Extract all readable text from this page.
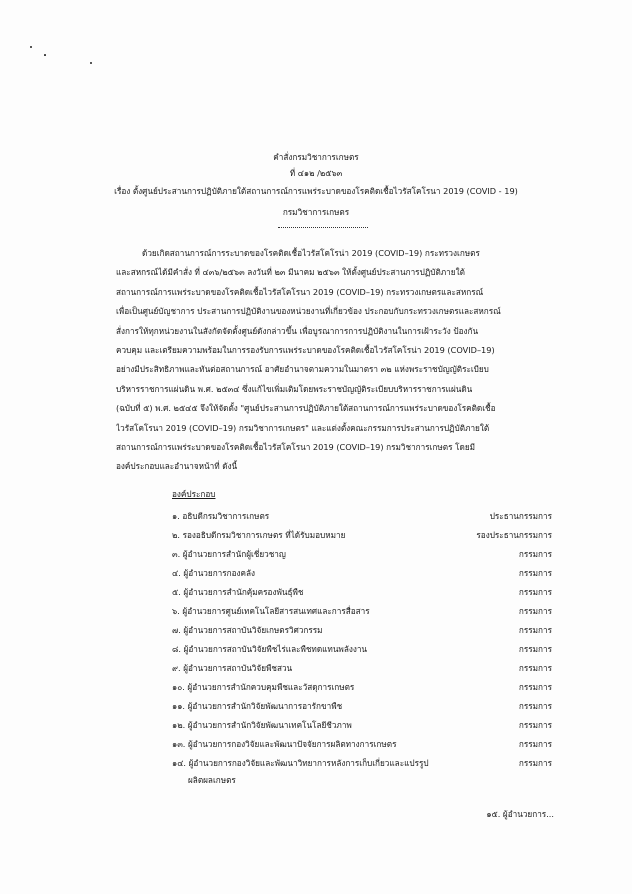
คำสั่งกรมวิชาการเกษตร
ที่ ๔๑๒ /๒๕๖๓
เรื่อง ตั้งศูนย์ประสานการปฏิบัติภายใต้สถานการณ์การแพร่ระบาดของโรคติดเชื้อไวรัสโคโรนา 2019 (COVID - 19)
กรมวิชาการเกษตร
ด้วยเกิดสถานการณ์การระบาดของโรคติดเชื้อไวรัสโคโรน่า 2019 (COVID–19) กระทรวงเกษตร
และสหกรณ์ได้มีคำสั่ง ที่ ๔๓๖/๒๕๖๓ ลงวันที่ ๒๓ มีนาคม ๒๕๖๓ ให้ตั้งศูนย์ประสานการปฏิบัติภายใต้
สถานการณ์การแพร่ระบาดของโรคติดเชื้อไวรัสโคโรนา 2019 (COVID–19) กระทรวงเกษตรและสหกรณ์
เพื่อเป็นศูนย์บัญชาการ ประสานการปฏิบัติงานของหน่วยงานที่เกี่ยวข้อง ประกอบกับกระทรวงเกษตรและสหกรณ์
สั่งการให้ทุกหน่วยงานในสังกัดจัดตั้งศูนย์ดังกล่าวขึ้น เพื่อบูรณาการการปฏิบัติงานในการเฝ้าระวัง ป้องกัน
ควบคุม และเตรียมความพร้อมในการรองรับการแพร่ระบาดของโรคติดเชื้อไวรัสโคโรน่า 2019 (COVID–19)
อย่างมีประสิทธิภาพและทันต่อสถานการณ์ อาศัยอำนาจตามความในมาตรา ๓๒ แห่งพระราชบัญญัติระเบียบ
บริหารราชการแผ่นดิน พ.ศ. ๒๕๓๔ ซึ่งแก้ไขเพิ่มเติมโดยพระราชบัญญัติระเบียบบริหารราชการแผ่นดิน
(ฉบับที่ ๕) พ.ศ. ๒๕๔๕ จึงให้จัดตั้ง "ศูนย์ประสานการปฏิบัติภายใต้สถานการณ์การแพร่ระบาดของโรคติดเชื้อ
ไวรัสโคโรนา 2019 (COVID–19) กรมวิชาการเกษตร" และแต่งตั้งคณะกรรมการประสานการปฏิบัติภายใต้
สถานการณ์การแพร่ระบาดของโรคติดเชื้อไวรัสโคโรนา 2019 (COVID–19) กรมวิชาการเกษตร โดยมี
องค์ประกอบและอำนาจหน้าที่ ดังนี้
องค์ประกอบ
๑. อธิบดีกรมวิชาการเกษตร	ประธานกรรมการ
๒. รองอธิบดีกรมวิชาการเกษตร ที่ได้รับมอบหมาย	รองประธานกรรมการ
๓. ผู้อำนวยการสำนักผู้เชี่ยวชาญ	กรรมการ
๔. ผู้อำนวยการกองคลัง	กรรมการ
๕. ผู้อำนวยการสำนักคุ้มครองพันธุ์พืช	กรรมการ
๖. ผู้อำนวยการศูนย์เทคโนโลยีสารสนเทศและการสื่อสาร	กรรมการ
๗. ผู้อำนวยการสถาบันวิจัยเกษตรวิศวกรรม	กรรมการ
๘. ผู้อำนวยการสถาบันวิจัยพืชไร่และพืชทดแทนพลังงาน	กรรมการ
๙. ผู้อำนวยการสถาบันวิจัยพืชสวน	กรรมการ
๑๐. ผู้อำนวยการสำนักควบคุมพืชและวัสดุการเกษตร	กรรมการ
๑๑. ผู้อำนวยการสำนักวิจัยพัฒนาการอารักขาพืช	กรรมการ
๑๒. ผู้อำนวยการสำนักวิจัยพัฒนาเทคโนโลยีชีวภาพ	กรรมการ
๑๓. ผู้อำนวยการกองวิจัยและพัฒนาปัจจัยการผลิตทางการเกษตร	กรรมการ
๑๔. ผู้อำนวยการกองวิจัยและพัฒนาวิทยาการหลังการเก็บเกี่ยวและแปรรูป	กรรมการ
ผลิตผลเกษตร
๑๕. ผู้อำนวยการ...
